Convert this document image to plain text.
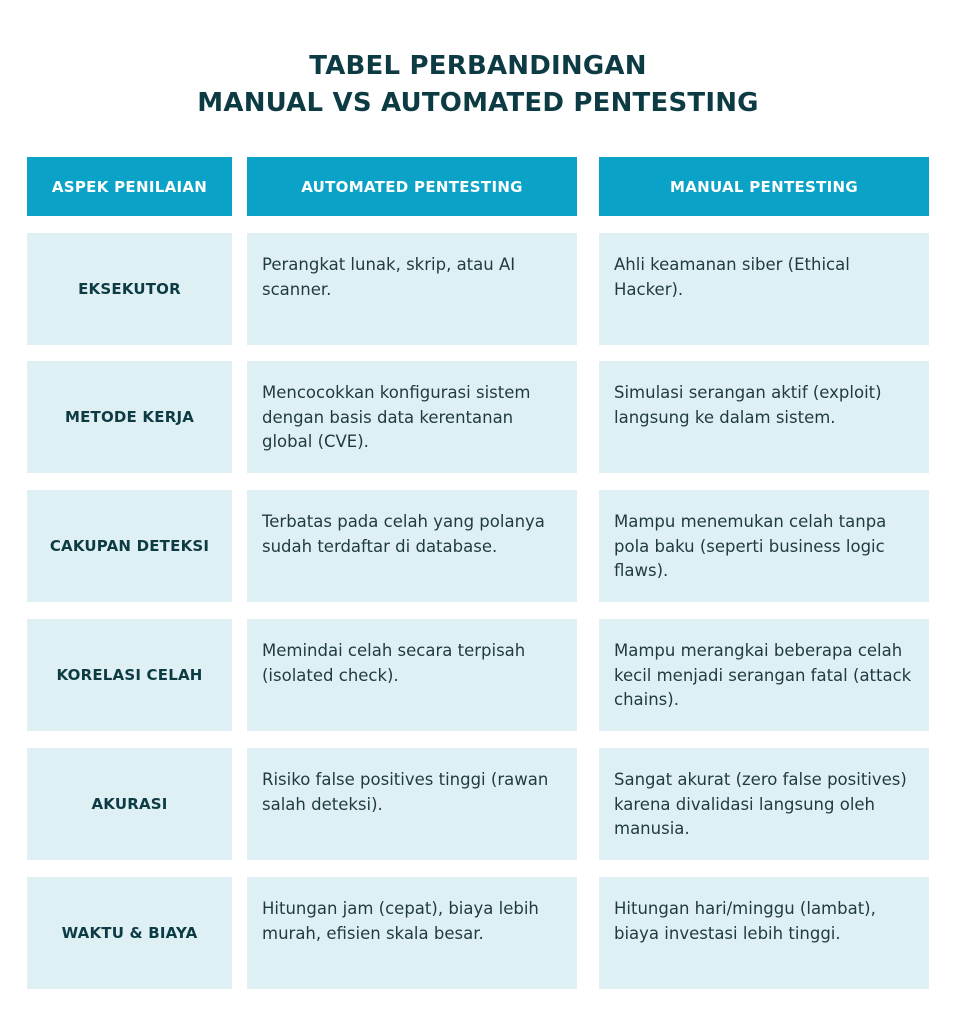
TABEL PERBANDINGAN
MANUAL VS AUTOMATED PENTESTING
ASPEK PENILAIAN	AUTOMATED PENTESTING	MANUAL PENTESTING
EKSEKUTOR
Perangkat lunak, skrip, atau AI scanner.
Ahli keamanan siber (Ethical Hacker).
METODE KERJA
Mencocokkan konfigurasi sistem dengan basis data kerentanan global (CVE).
Simulasi serangan aktif (exploit) langsung ke dalam sistem.
CAKUPAN DETEKSI
Terbatas pada celah yang polanya sudah terdaftar di database.
Mampu menemukan celah tanpa pola baku (seperti business logic flaws).
KORELASI CELAH
Memindai celah secara terpisah (isolated check).
Mampu merangkai beberapa celah kecil menjadi serangan fatal (attack chains).
AKURASI
Risiko false positives tinggi (rawan salah deteksi).
Sangat akurat (zero false positives) karena divalidasi langsung oleh manusia.
WAKTU & BIAYA
Hitungan jam (cepat), biaya lebih murah, efisien skala besar.
Hitungan hari/minggu (lambat), biaya investasi lebih tinggi.
